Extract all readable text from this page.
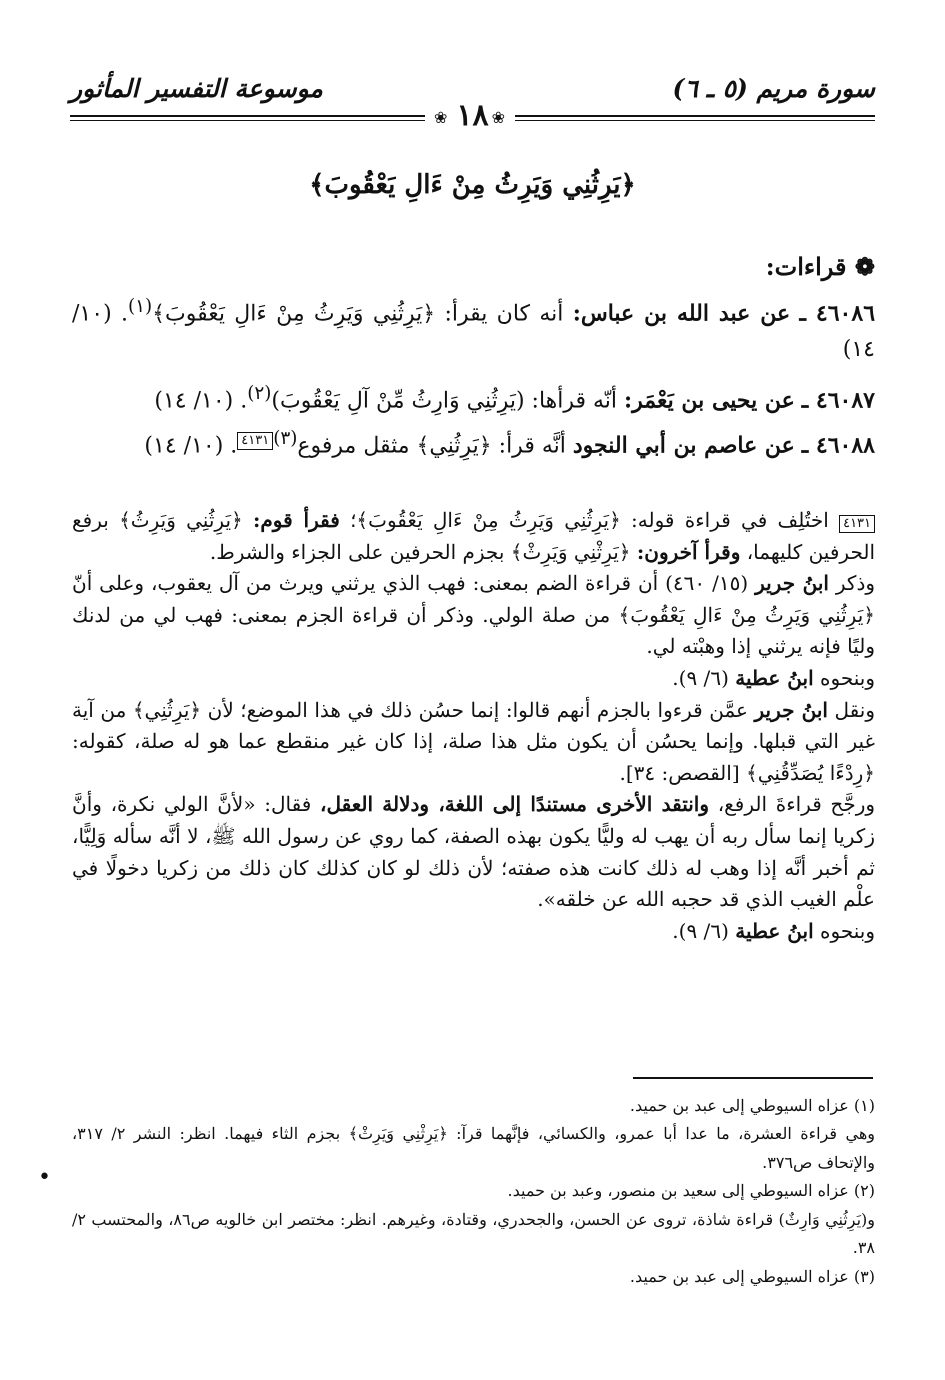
سورة مريم (٥ ـ ٦)
موسوعة التفسير المأثور
❀
❀ ١٨
﴿يَرِثُنِي وَيَرِثُ مِنْ ءَالِ يَعْقُوبَ﴾
❁ قراءات:
٤٦٠٨٦ ـ عن عبد الله بن عباس: أنه كان يقرأ: ﴿يَرِثُنِي وَيَرِثُ مِنْ ءَالِ يَعْقُوبَ﴾$^{(١)}$. (١٠/ ١٤)
٤٦٠٨٧ ـ عن يحيى بن يَعْمَر: أنّه قرأها: (يَرِثُنِي وَارِثُ مِّنْ آلِ يَعْقُوبَ)$^{(٢)}$. (١٠/ ١٤)
٤٦٠٨٨ ـ عن عاصم بن أبي النجود أنَّه قرأ: ﴿يَرِثُنِي﴾ مثقل مرفوع$^{(٣)}$٤١٣١. (١٠/ ١٤)

٤١٣١ اختُلِف في قراءة قوله: ﴿يَرِثُنِي وَيَرِثُ مِنْ ءَالِ يَعْقُوبَ﴾؛ فقرأ قوم: ﴿يَرِثُنِي وَيَرِثُ﴾ برفع الحرفين كليهما، وقرأ آخرون: ﴿يَرِثْنِي وَيَرِثْ﴾ بجزم الحرفين على الجزاء والشرط.

وذكر ابنُ جرير (١٥/ ٤٦٠) أن قراءة الضم بمعنى: فهب الذي يرثني ويرث من آل يعقوب، وعلى أنّ ﴿يَرِثُنِي وَيَرِثُ مِنْ ءَالِ يَعْقُوبَ﴾ من صلة الولي. وذكر أن قراءة الجزم بمعنى: فهب لي من لدنك وليًا فإنه يرثني إذا وهبْته لي.

وبنحوه ابنُ عطية (٦/ ٩).

ونقل ابنُ جرير عمَّن قرءوا بالجزم أنهم قالوا: إنما حسُن ذلك في هذا الموضع؛ لأن ﴿يَرِثُنِي﴾ من آية غير التي قبلها. وإنما يحسُن أن يكون مثل هذا صلة، إذا كان غير منقطع عما هو له صلة، كقوله: ﴿رِدْءًا يُصَدِّقُنِي﴾ [القصص: ٣٤].

ورجَّح قراءةَ الرفع، وانتقد الأخرى مستندًا إلى اللغة، ودلالة العقل، فقال: «لأنَّ الولي نكرة، وأنَّ زكريا إنما سأل ربه أن يهب له وليًّا يكون بهذه الصفة، كما روي عن رسول الله ﷺ، لا أنَّه سأله وَلِيًّا، ثم أخبر أنَّه إذا وهب له ذلك كانت هذه صفته؛ لأن ذلك لو كان كذلك كان ذلك من زكريا دخولًا في علْم الغيب الذي قد حجبه الله عن خلقه».

وبنحوه ابنُ عطية (٦/ ٩).

(١) عزاه السيوطي إلى عبد بن حميد.

وهي قراءة العشرة، ما عدا أبا عمرو، والكسائي، فإنَّهما قرآ: ﴿يَرِثْنِي وَيَرِثْ﴾ بجزم الثاء فيهما. انظر: النشر ٢/ ٣١٧، والإتحاف ص٣٧٦.

(٢) عزاه السيوطي إلى سعيد بن منصور، وعبد بن حميد.

و(يَرِثُنِي وَارِثٌ) قراءة شاذة، تروى عن الحسن، والجحدري، وقتادة، وغيرهم. انظر: مختصر ابن خالويه ص٨٦، والمحتسب ٢/ ٣٨.

(٣) عزاه السيوطي إلى عبد بن حميد.

•
